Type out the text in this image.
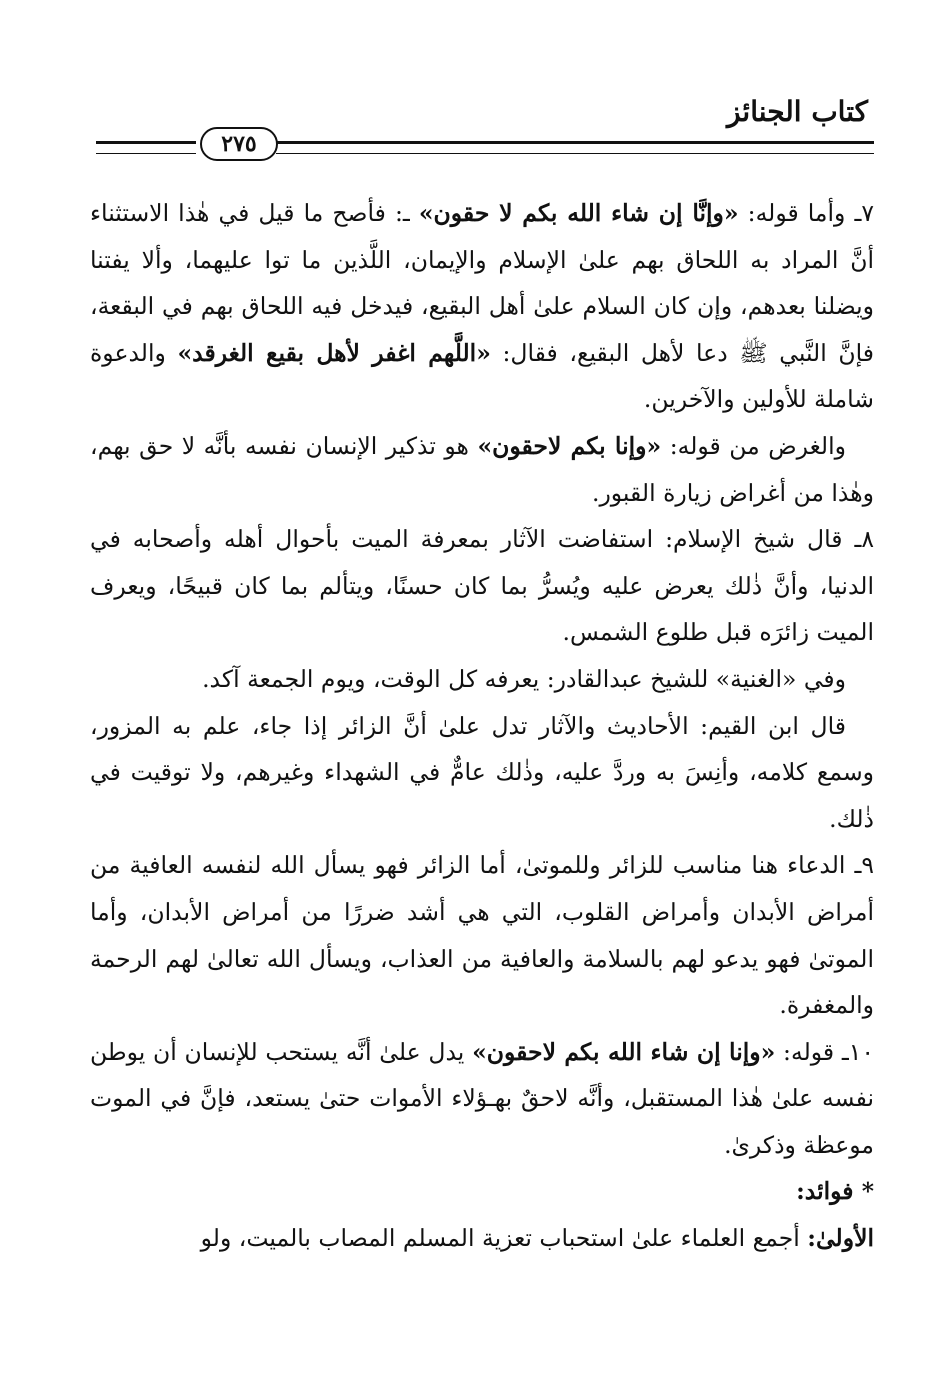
كتاب الجنائز
٢٧٥

٧ـ وأما قوله: «وإنَّا إن شاء الله بكم لا حقون» ـ: فأصح ما قيل في هٰذا الاستثناء أنَّ المراد به اللحاق بهم علىٰ الإسلام والإيمان، اللَّذين ما توا عليهما، وألا يفتنا ويضلنا بعدهم، وإن كان السلام علىٰ أهل البقيع، فيدخل فيه اللحاق بهم في البقعة، فإنَّ النَّبي ﷺ دعا لأهل البقيع، فقال: «اللَّهم اغفر لأهل بقيع الغرقد» والدعوة شاملة للأولين والآخرين.

والغرض من قوله: «وإنا بكم لاحقون» هو تذكير الإنسان نفسه بأنَّه لا حق بهم، وهٰذا من أغراض زيارة القبور.

٨ـ قال شيخ الإسلام: استفاضت الآثار بمعرفة الميت بأحوال أهله وأصحابه في الدنيا، وأنَّ ذٰلك يعرض عليه ويُسرُّ بما كان حسنًا، ويتألم بما كان قبيحًا، ويعرف الميت زائرَه قبل طلوع الشمس.

وفي «الغنية» للشيخ عبدالقادر: يعرفه كل الوقت، ويوم الجمعة آكد.

قال ابن القيم: الأحاديث والآثار تدل علىٰ أنَّ الزائر إذا جاء، علم به المزور، وسمع كلامه، وأنِسَ به وردَّ عليه، وذٰلك عامٌّ في الشهداء وغيرهم، ولا توقيت في ذٰلك.

٩ـ الدعاء هنا مناسب للزائر وللموتىٰ، أما الزائر فهو يسأل الله لنفسه العافية من أمراض الأبدان وأمراض القلوب، التي هي أشد ضررًا من أمراض الأبدان، وأما الموتىٰ فهو يدعو لهم بالسلامة والعافية من العذاب، ويسأل الله تعالىٰ لهم الرحمة والمغفرة.

١٠ـ قوله: «وإنا إن شاء الله بكم لاحقون» يدل علىٰ أنَّه يستحب للإنسان أن يوطن نفسه علىٰ هٰذا المستقبل، وأنَّه لاحقٌ بهـؤلاء الأموات حتىٰ يستعد، فإنَّ في الموت موعظة وذكرىٰ.

* فوائد:

الأولىٰ: أجمع العلماء علىٰ استحباب تعزية المسلم المصاب بالميت، ولو
